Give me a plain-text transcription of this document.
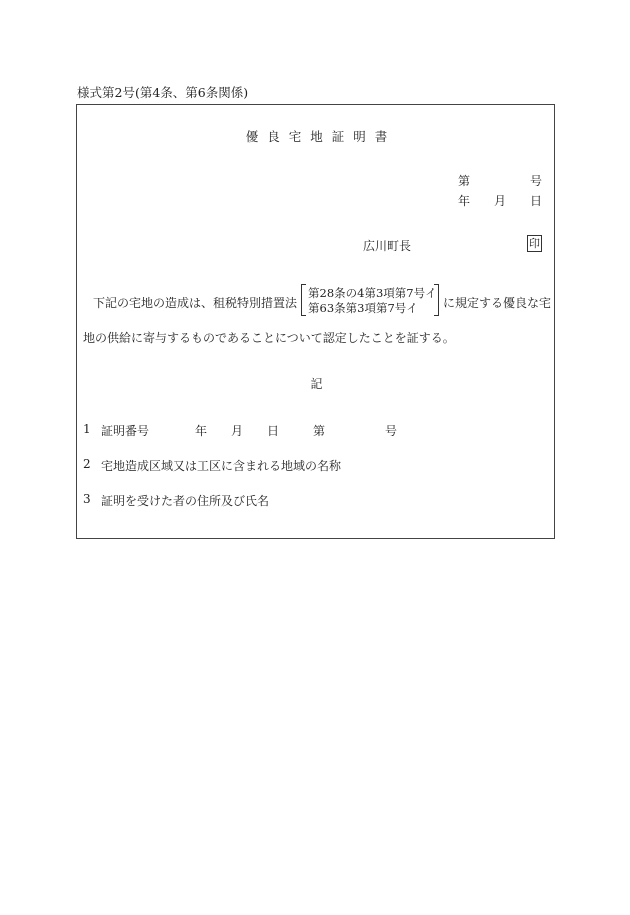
様式第2号(第4条、第6条関係)
優良宅地証明書
第	号
年 月 日
広川町長	印
下記の宅地の造成は、租税特別措置法
第28条の4第3項第7号イ
第63条第3項第7号イ に規定する優良な宅
地の供給に寄与するものであることについて認定したことを証する。
記
1 証明番号	年 月 日	第	号
2 宅地造成区域又は工区に含まれる地域の名称
3 証明を受けた者の住所及び氏名
